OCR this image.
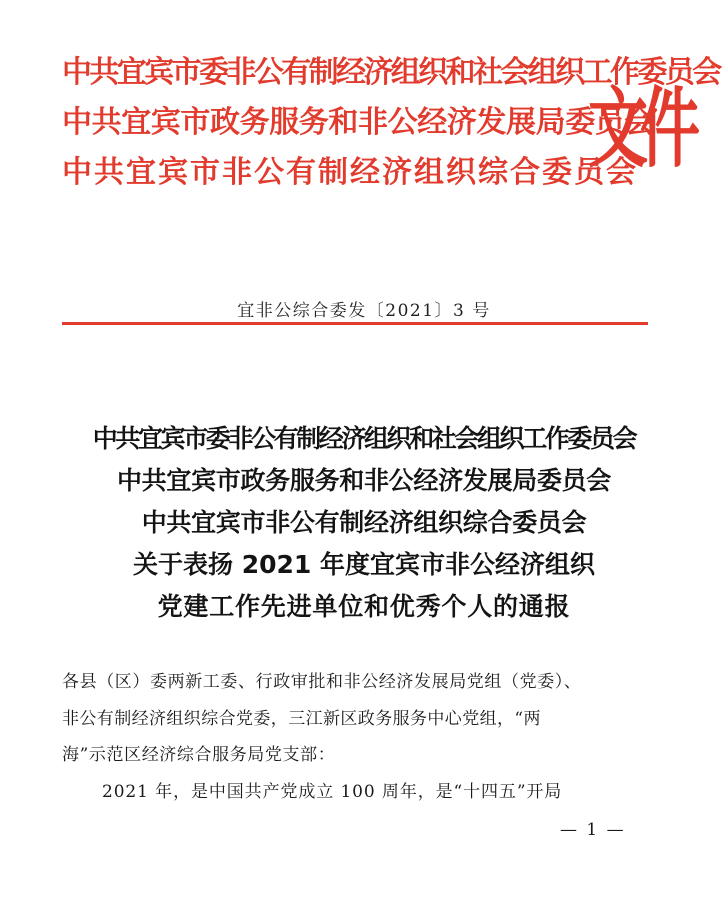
中共宜宾市委非公有制经济组织和社会组织工作委员会
中共宜宾市政务服务和非公经济发展局委员会
中共宜宾市非公有制经济组织综合委员会
文件
宜非公综合委发〔2021〕3 号
中共宜宾市委非公有制经济组织和社会组织工作委员会
中共宜宾市政务服务和非公经济发展局委员会
中共宜宾市非公有制经济组织综合委员会
关于表扬 2021 年度宜宾市非公经济组织
党建工作先进单位和优秀个人的通报
各县（区）委两新工委、行政审批和非公经济发展局党组（党委）、
非公有制经济组织综合党委，三江新区政务服务中心党组，“两
海”示范区经济综合服务局党支部：
2021 年，是中国共产党成立 100 周年，是“十四五”开局
— 1 —
